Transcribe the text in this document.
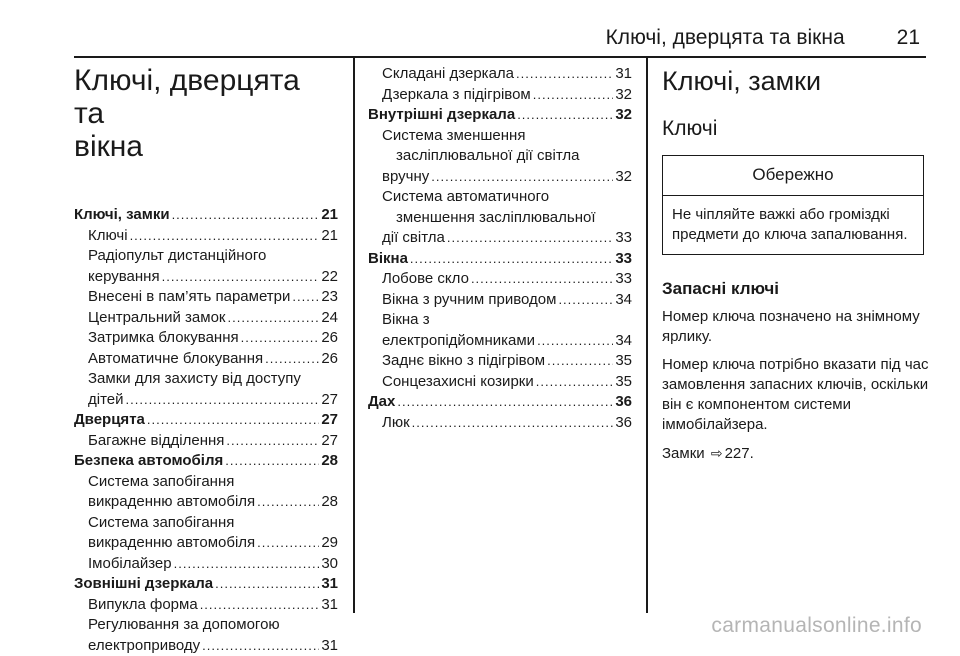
Ключі, дверцята та вікна 21
Ключі, дверцята та
вікна
Ключі, замки .....	21
Ключі .....	21
Радіопульт дистанційного
керування .....	22
Внесені в пам’ять параметри ..... 23
Центральний замок .....	24
Затримка блокування .....	26
Автоматичне блокування .....	26
Замки для захисту від доступу
дітей .....	27
Дверцята .....	27
Багажне відділення .....	27
Безпека автомобіля .....	28
Система запобігання
викраденню автомобіля .....	28
Система запобігання
викраденню автомобіля .....	29
Імобілайзер .....	30
Зовнішні дзеркала .....	31
Випукла форма .....	31
Регулювання за допомогою
електроприводу .....	31
Складані дзеркала .....	31
Дзеркала з підігрівом .....	32
Внутрішні дзеркала .....	32
Система зменшення
засліплювальної дії світла
вручну .....	32
Система автоматичного
зменшення засліплювальної
дії світла .....	33
Вікна .....	33
Лобове скло .....	33
Вікна з ручним приводом .....	34
Вікна з
електропідйомниками .....	34
Заднє вікно з підігрівом .....	35
Сонцезахисні козирки .....	35
Дах .....	36
Люк .....	36
Ключі, замки
Ключі
Обережно
Не чіпляйте важкі або громіздкі предмети до ключа запалювання.
Запасні ключі

Номер ключа позначено на знімному ярлику.

Номер ключа потрібно вказати під час замовлення запасних ключів, оскільки він є компонентом системи іммобілайзера.

Замки ⇨ 227.

carmanualsonline.info
